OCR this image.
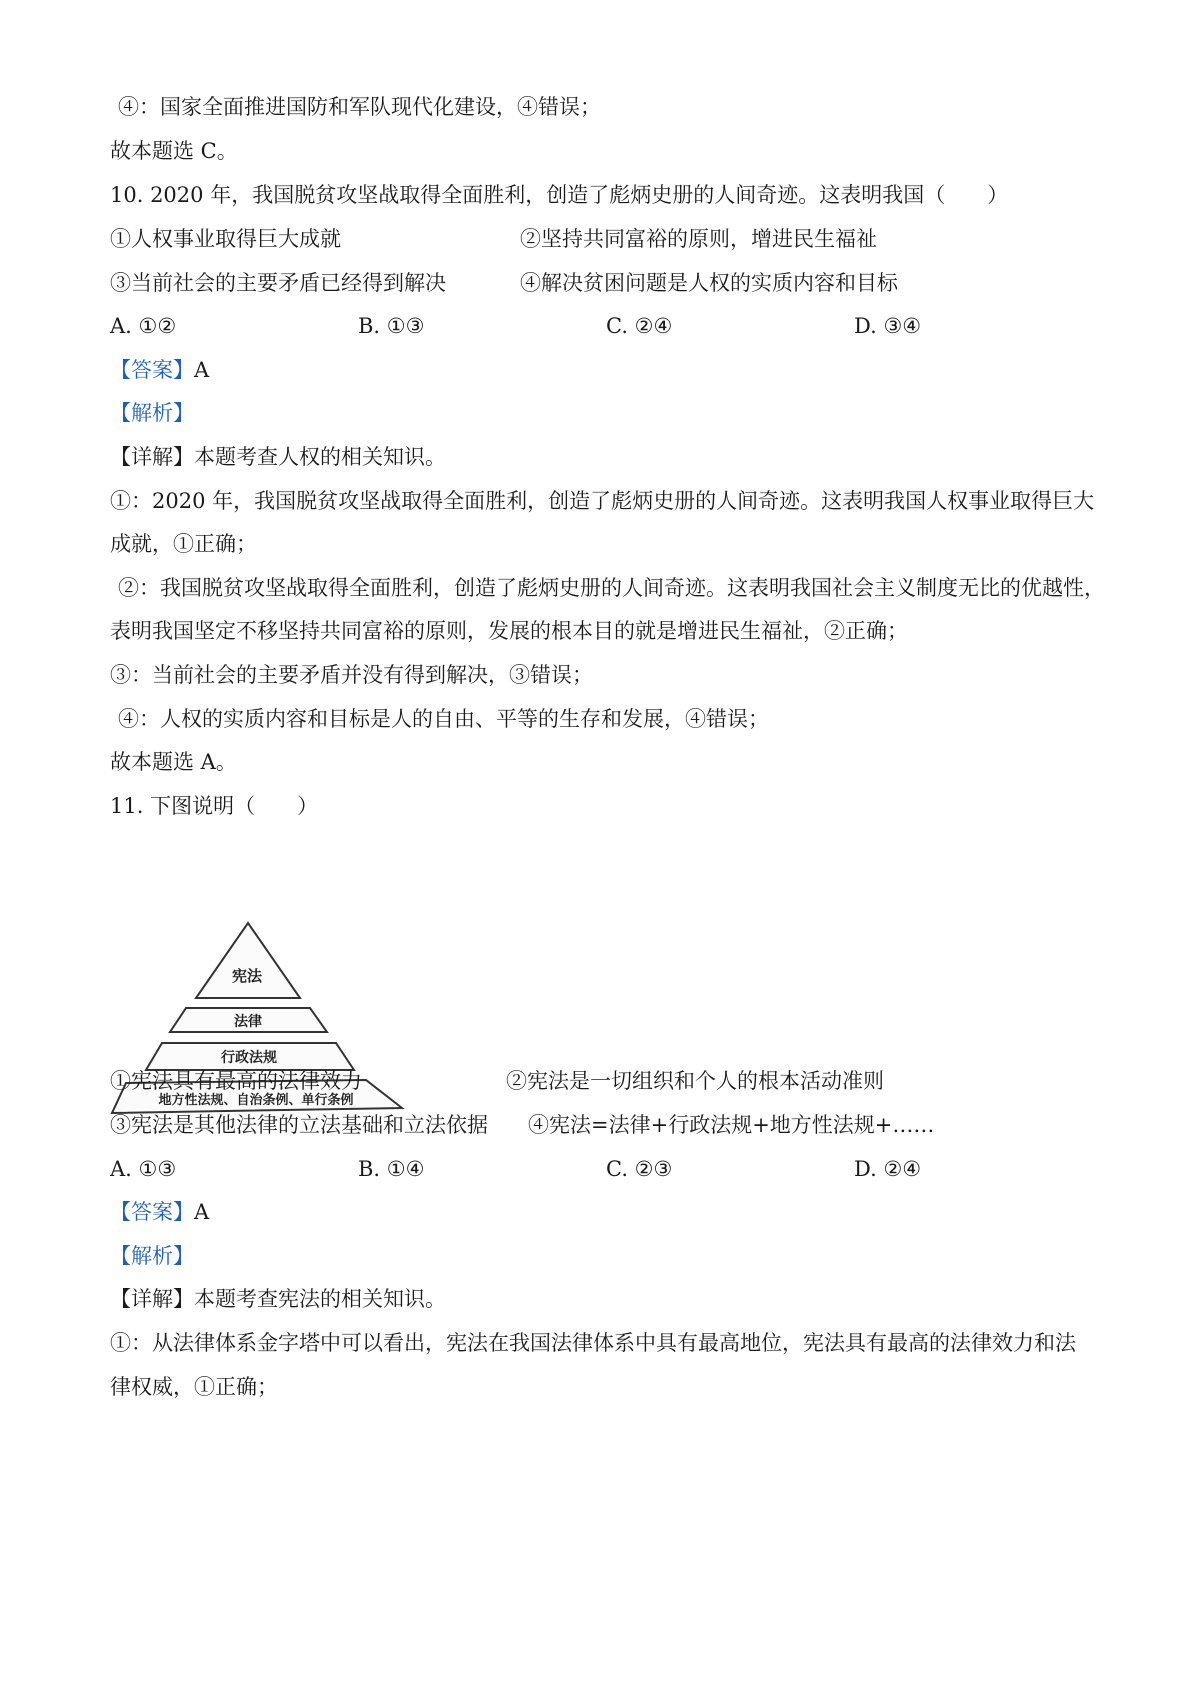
④：国家全面推进国防和军队现代化建设，④错误；
故本题选 C。
10. 2020 年，我国脱贫攻坚战取得全面胜利，创造了彪炳史册的人间奇迹。这表明我国（　　）
①人权事业取得巨大成就	②坚持共同富裕的原则，增进民生福祉
③当前社会的主要矛盾已经得到解决	④解决贫困问题是人权的实质内容和目标
A. ①②	B. ①③	C. ②④	D. ③④
【答案】A
【解析】
【详解】本题考查人权的相关知识。
①：2020 年，我国脱贫攻坚战取得全面胜利，创造了彪炳史册的人间奇迹。这表明我国人权事业取得巨大
成就，①正确；
②：我国脱贫攻坚战取得全面胜利，创造了彪炳史册的人间奇迹。这表明我国社会主义制度无比的优越性，
表明我国坚定不移坚持共同富裕的原则，发展的根本目的就是增进民生福祉，②正确；
③：当前社会的主要矛盾并没有得到解决，③错误；
④：人权的实质内容和目标是人的自由、平等的生存和发展，④错误；
故本题选 A。
11. 下图说明（　　）
宪法
法律
行政法规
地方性法规、自治条例、单行条例
①宪法具有最高的法律效力	②宪法是一切组织和个人的根本活动准则
③宪法是其他法律的立法基础和立法依据 ④宪法=法律+行政法规+地方性法规+……
A. ①③	B. ①④	C. ②③	D. ②④
【答案】A
【解析】
【详解】本题考查宪法的相关知识。
①：从法律体系金字塔中可以看出，宪法在我国法律体系中具有最高地位，宪法具有最高的法律效力和法
律权威，①正确；
